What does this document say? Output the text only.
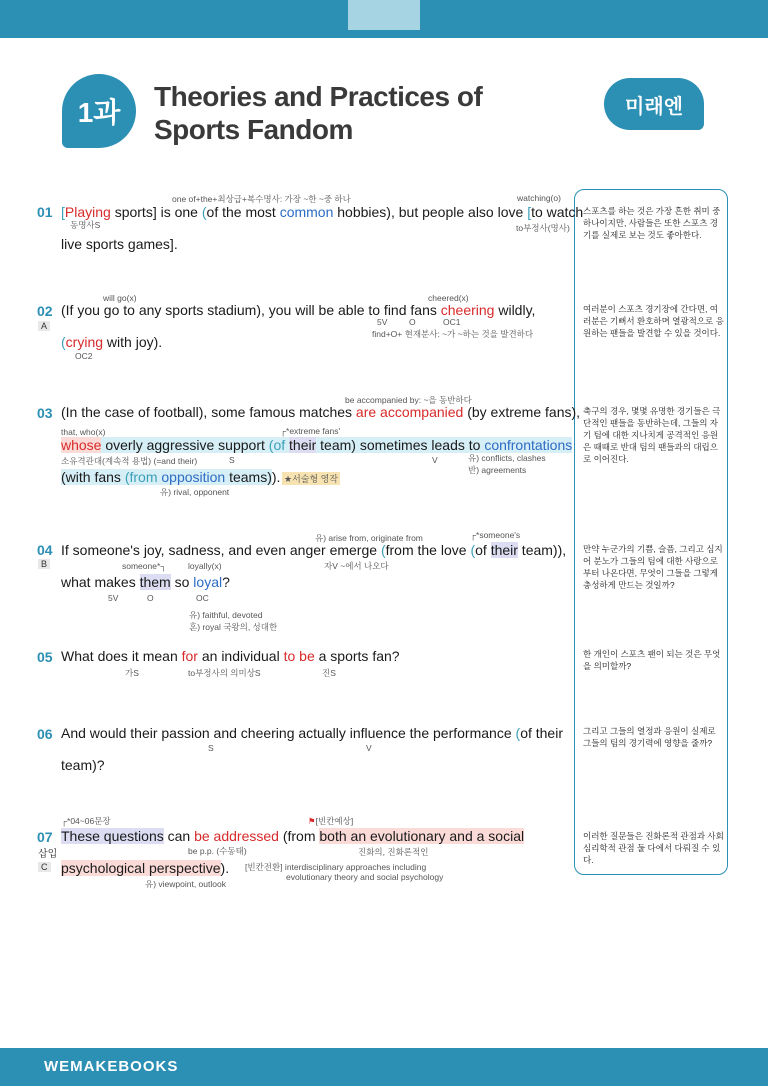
1과
Theories and Practices of
Sports Fandom
미래엔
01
one of+the+최상급+복수명사: 가장 ~한 ~중 하나	watching(o)
[Playing sports] is one (of the most common hobbies), but people also love [to watch
동명사S	to부정사(명사)
live sports games].
스포츠를 하는 것은 가장 흔한 취미 중 하나이지만, 사람들은 또한 스포츠 경기를 실제로 보는 것도 좋아한다.
02
A
will go(x)	cheered(x)
(If you go to any sports stadium), you will be able to find fans cheering wildly,
5V	O	OC1
find+O+ 현재분사: ~가 ~하는 것을 발견하다
(crying with joy).
OC2
여러분이 스포츠 경기장에 간다면, 여러분은 기뻐서 환호하며 열광적으로 응원하는 팬들을 발견할 수 있을 것이다.
03
be accompanied by: ~을 동반하다
(In the case of football), some famous matches are accompanied (by extreme fans),
that, who(x)	┌*extreme fans'
whose overly aggressive support (of their team) sometimes leads to confrontations
소유격관대(계속적 용법) (=and their)	S	V	유) conflicts, clashes
반) agreements
(with fans (from opposition teams)). ★서술형 영작
유) rival, opponent
축구의 경우, 몇몇 유명한 경기들은 극단적인 팬들을 동반하는데, 그들의 자기 팀에 대한 지나치게 공격적인 응원은 때때로 반대 팀의 팬들과의 대립으로 이어진다.
04
B
유) arise from, originate from	┌*someone's
If someone's joy, sadness, and even anger emerge (from the love (of their team)),
someone*┐	loyally(x)	자V ~에서 나오다
what makes them so loyal?
5V	O	OC
유) faithful, devoted
혼) royal 국왕의, 성대한
만약 누군가의 기쁨, 슬픔, 그리고 심지어 분노가 그들의 팀에 대한 사랑으로부터 나온다면, 무엇이 그들을 그렇게 충성하게 만드는 것일까?
05 What does it mean for an individual to be a sports fan?
가S	to부정사의 의미상S	진S
한 개인이 스포츠 팬이 되는 것은 무엇을 의미할까?
06 And would their passion and cheering actually influence the performance (of their
S	V
team)?
그리고 그들의 열정과 응원이 실제로 그들의 팀의 경기력에 영향을 줄까?
07
삽입
C
┌*04~06문장	⚑[빈칸예상]
These questions can be addressed (from both an evolutionary and a social
be p.p. (수동태)	진화의, 진화론적인
psychological perspective). [빈칸전환] interdisciplinary approaches including
evolutionary theory and social psychology
유) viewpoint, outlook
이러한 질문들은 진화론적 관점과 사회심리학적 관점 둘 다에서 다뤄질 수 있다.
WEMAKEBOOKS
